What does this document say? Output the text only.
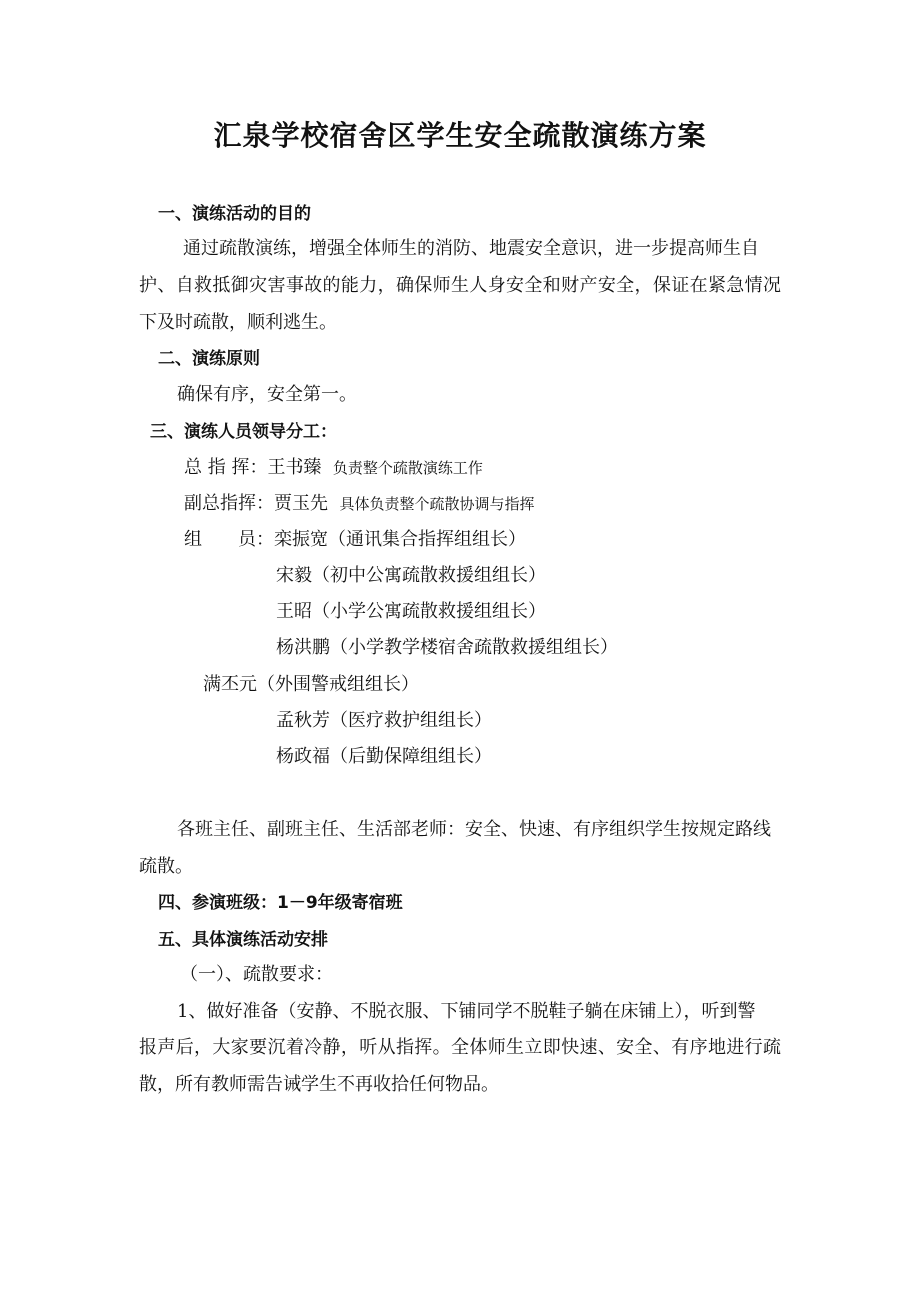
汇泉学校宿舍区学生安全疏散演练方案
一、演练活动的目的
通过疏散演练，增强全体师生的消防、地震安全意识，进一步提高师生自
护、自救抵御灾害事故的能力，确保师生人身安全和财产安全，保证在紧急情况
下及时疏散，顺利逃生。
二、演练原则
确保有序，安全第一。
三、演练人员领导分工：
总 指 挥：王书臻 负责整个疏散演练工作
副总指挥：贾玉先 具体负责整个疏散协调与指挥
组　　员：栾振宽（通讯集合指挥组组长）
宋毅（初中公寓疏散救援组组长）
王昭（小学公寓疏散救援组组长）
杨洪鹏（小学教学楼宿舍疏散救援组组长）
满丕元（外围警戒组组长）
孟秋芳（医疗救护组组长）
杨政福（后勤保障组组长）
各班主任、副班主任、生活部老师：安全、快速、有序组织学生按规定路线
疏散。
四、参演班级：1－9年级寄宿班
五、具体演练活动安排
（一）、疏散要求：
1、做好准备（安静、不脱衣服、下铺同学不脱鞋子躺在床铺上），听到警
报声后，大家要沉着冷静，听从指挥。全体师生立即快速、安全、有序地进行疏
散，所有教师需告诫学生不再收拾任何物品。
